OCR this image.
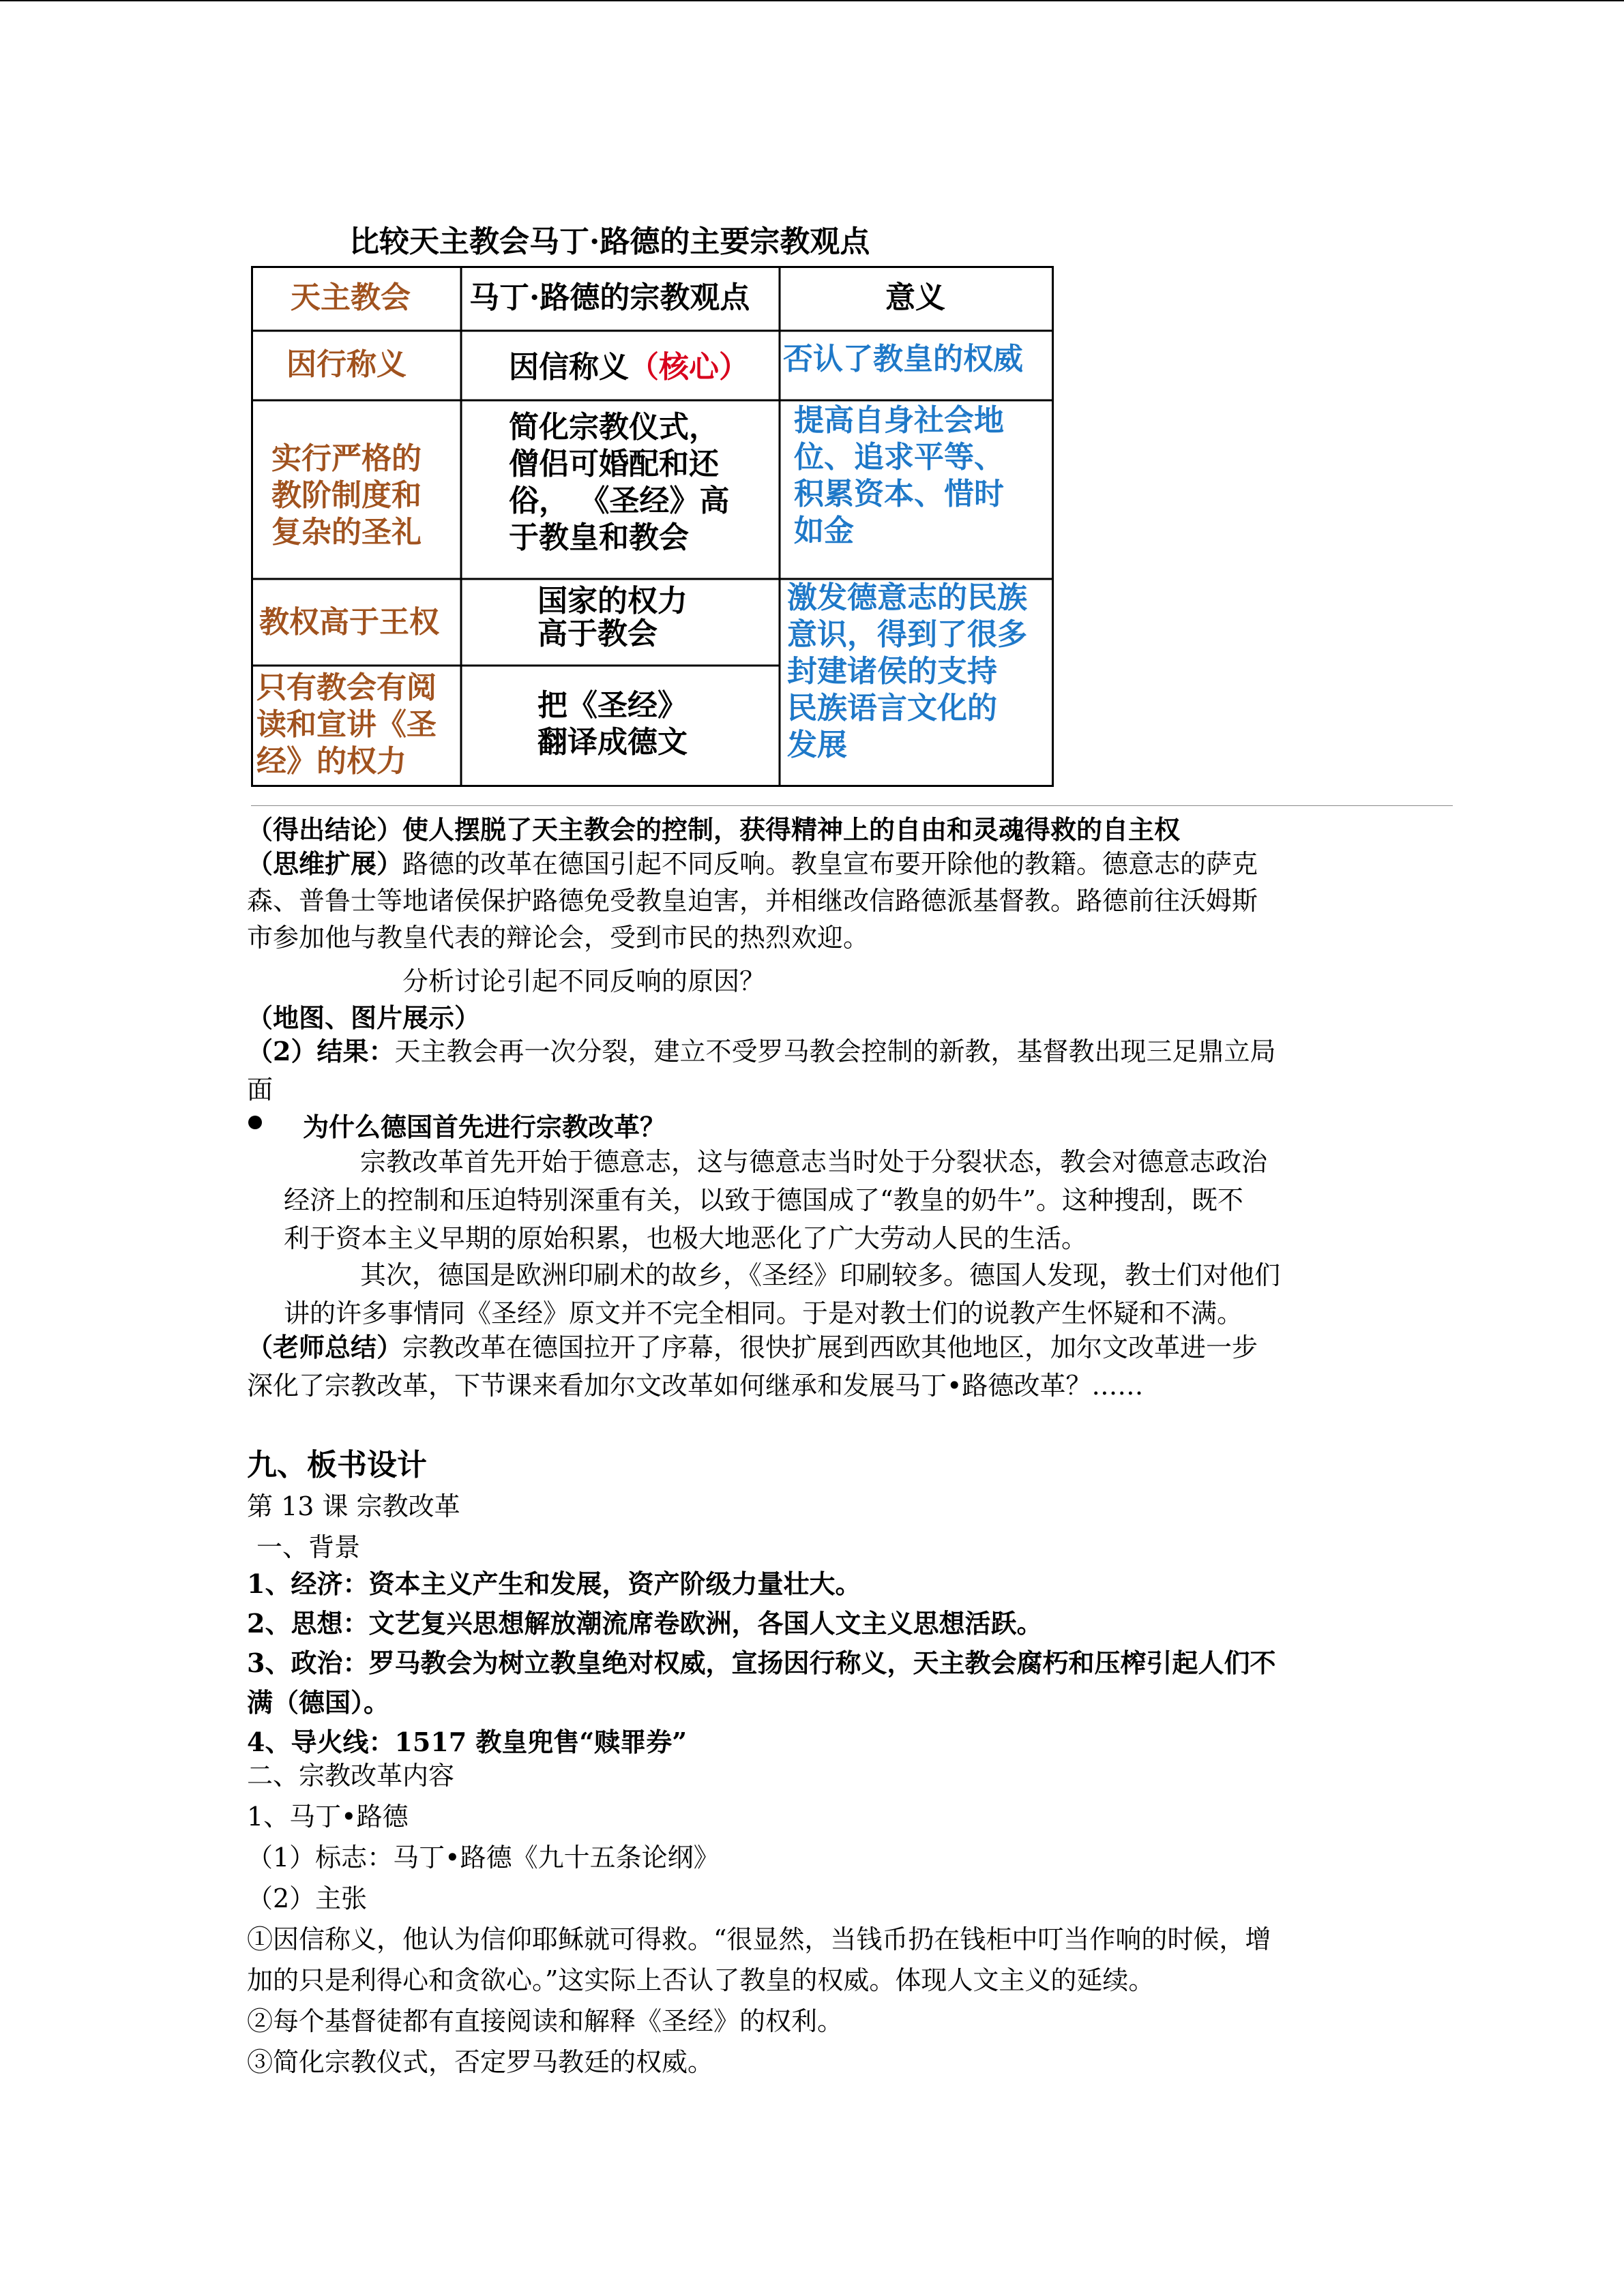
比较天主教会马丁·路德的主要宗教观点
天主教会 马丁·路德的宗教观点	意义
因行称义	因信称义（核心） 否认了教皇的权威
实行严格的
教阶制度和
复杂的圣礼
简化宗教仪式，
僧侣可婚配和还
俗， 《圣经》高
于教皇和教会
提高自身社会地
位、追求平等、
积累资本、惜时
如金
教权高于王权
国家的权力
高于教会
只有教会有阅
读和宣讲《圣
经》的权力
把《圣经》
翻译成德文
激发德意志的民族
意识，得到了很多
封建诸侯的支持
民族语言文化的
发展
（得出结论）使人摆脱了天主教会的控制，获得精神上的自由和灵魂得救的自主权
（思维扩展）路德的改革在德国引起不同反响。教皇宣布要开除他的教籍。德意志的萨克
森、普鲁士等地诸侯保护路德免受教皇迫害，并相继改信路德派基督教。路德前往沃姆斯
市参加他与教皇代表的辩论会，受到市民的热烈欢迎。
分析讨论引起不同反响的原因？
（地图、图片展示）
（2）结果：天主教会再一次分裂，建立不受罗马教会控制的新教，基督教出现三足鼎立局
面
为什么德国首先进行宗教改革？
宗教改革首先开始于德意志，这与德意志当时处于分裂状态，教会对德意志政治
经济上的控制和压迫特别深重有关，以致于德国成了“教皇的奶牛”。这种搜刮，既不
利于资本主义早期的原始积累，也极大地恶化了广大劳动人民的生活。
其次，德国是欧洲印刷术的故乡，《圣经》印刷较多。德国人发现，教士们对他们
讲的许多事情同《圣经》原文并不完全相同。于是对教士们的说教产生怀疑和不满。
（老师总结）宗教改革在德国拉开了序幕，很快扩展到西欧其他地区，加尔文改革进一步
深化了宗教改革，下节课来看加尔文改革如何继承和发展马丁•路德改革？……
九、板书设计
第 13 课 宗教改革
一、背景
1、经济：资本主义产生和发展，资产阶级力量壮大。
2、思想：文艺复兴思想解放潮流席卷欧洲，各国人文主义思想活跃。
3、政治：罗马教会为树立教皇绝对权威，宣扬因行称义，天主教会腐朽和压榨引起人们不
满（德国）。
4、导火线：1517 教皇兜售“赎罪券”
二、宗教改革内容
1、马丁•路德
（1）标志：马丁•路德《九十五条论纲》
（2）主张
①因信称义，他认为信仰耶稣就可得救。“很显然，当钱币扔在钱柜中叮当作响的时候，增
加的只是利得心和贪欲心。”这实际上否认了教皇的权威。体现人文主义的延续。
②每个基督徒都有直接阅读和解释《圣经》的权利。
③简化宗教仪式，否定罗马教廷的权威。
